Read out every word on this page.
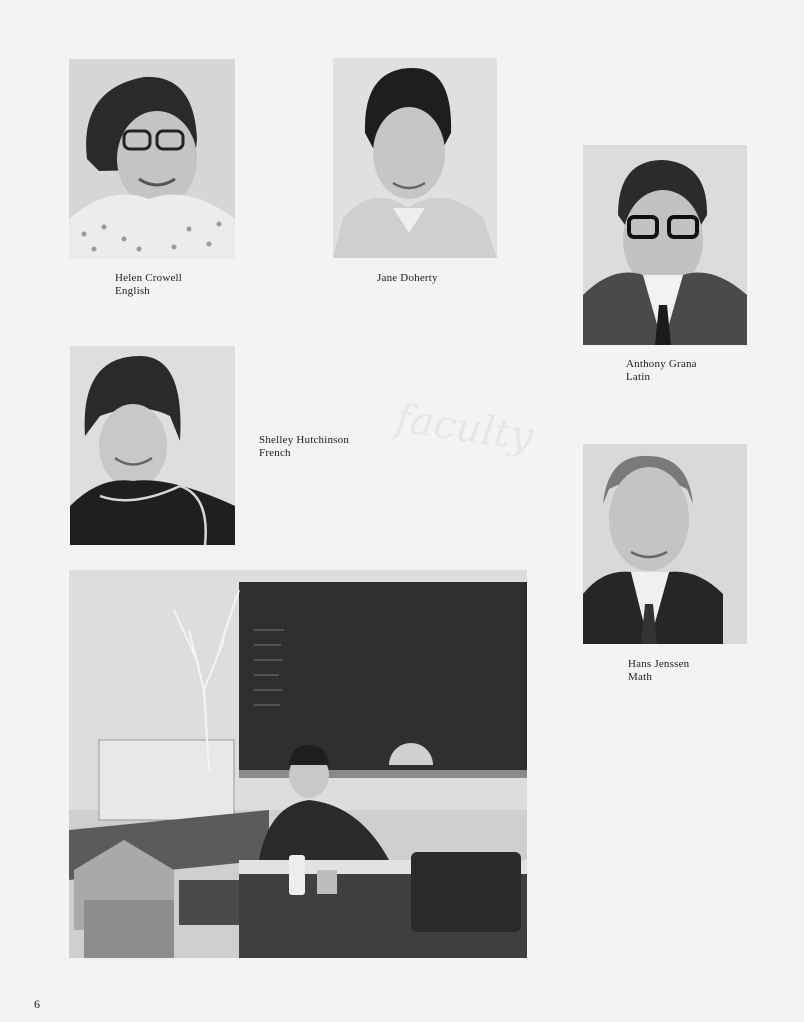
faculty
Helen Crowell
English
Jane Doherty
Anthony Grana
Latin
Shelley Hutchinson
French
Hans Jenssen
Math
6
